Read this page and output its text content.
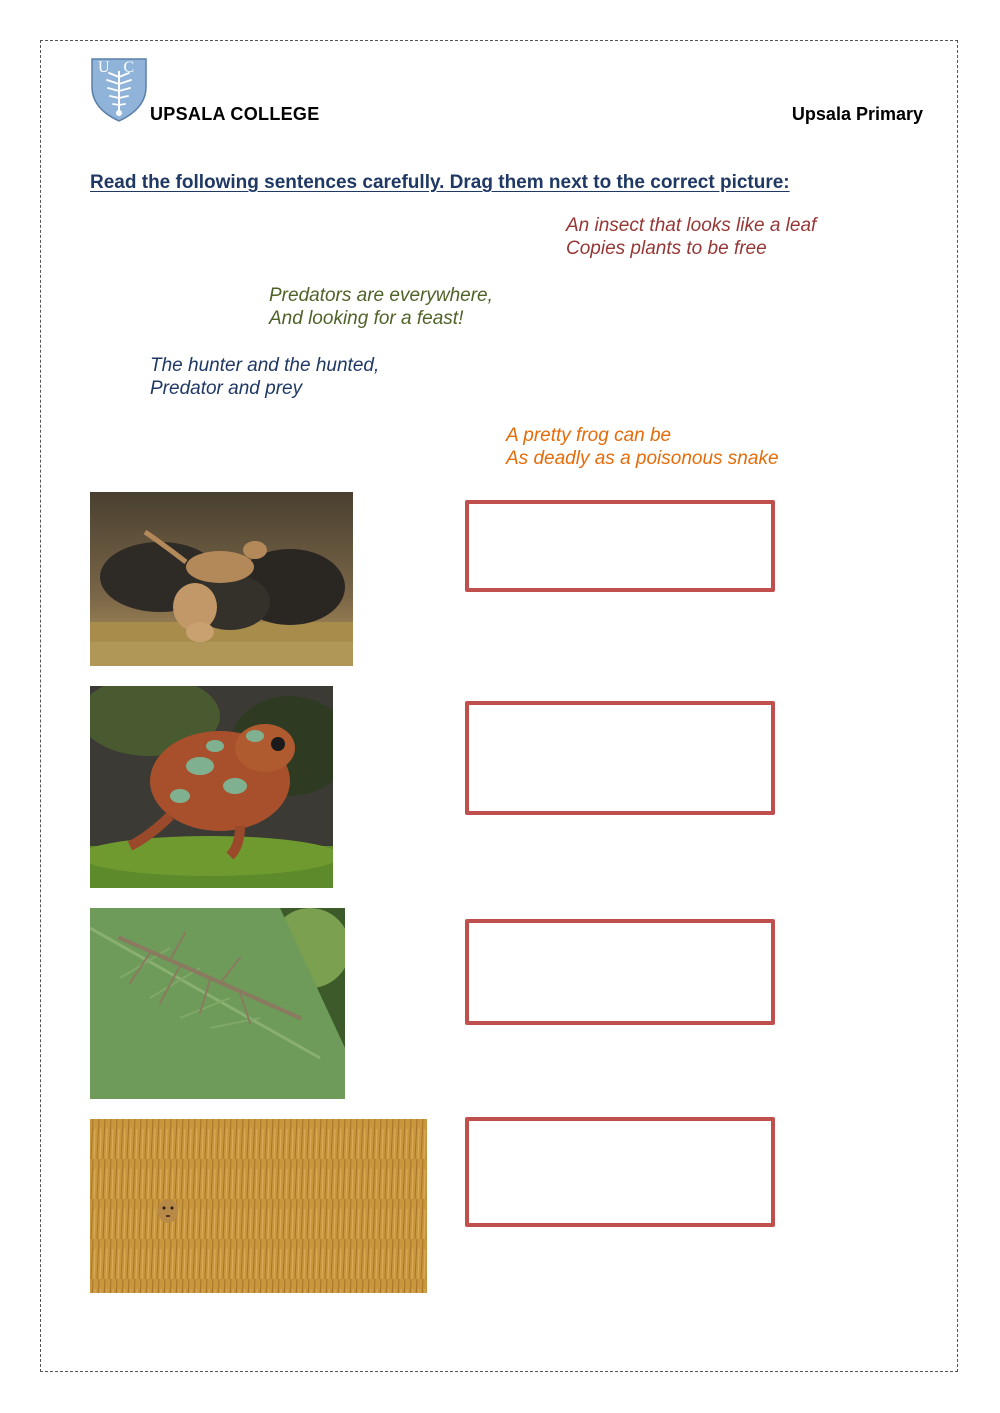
UC
UPSALA COLLEGE	Upsala Primary
Read the following sentences carefully. Drag them next to the correct picture:
An insect that looks like a leaf
Copies plants to be free
Predators are everywhere,
And looking for a feast!
The hunter and the hunted,
Predator and prey
A pretty frog can be
As deadly as a poisonous snake
